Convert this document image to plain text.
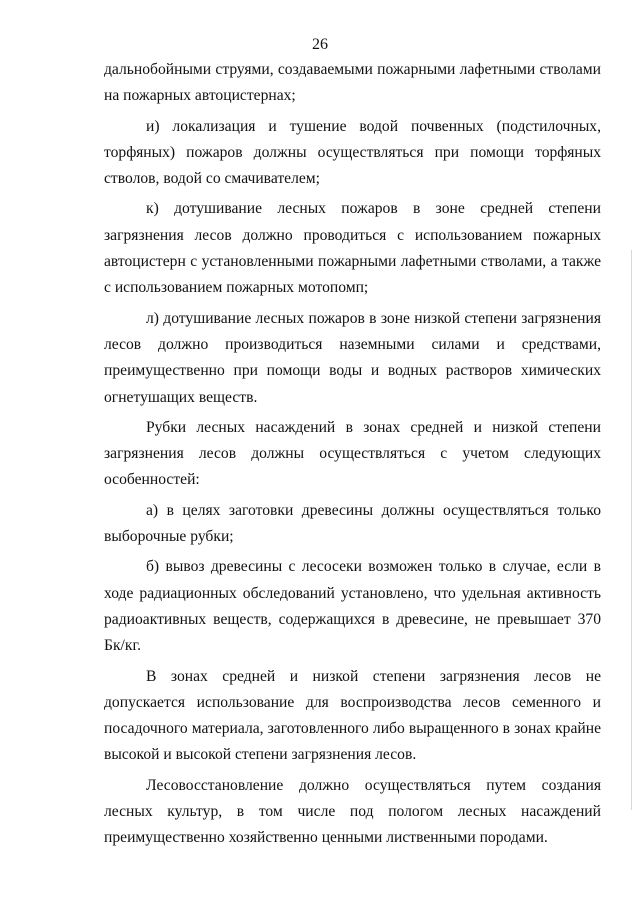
26

дальнобойными струями, создаваемыми пожарными лафетными стволами на пожарных автоцистернах;

и) локализация и тушение водой почвенных (подстилочных, торфяных) пожаров должны осуществляться при помощи торфяных стволов, водой со смачивателем;

к) дотушивание лесных пожаров в зоне средней степени загрязнения лесов должно проводиться с использованием пожарных автоцистерн с установленными пожарными лафетными стволами, а также с использованием пожарных мотопомп;

л) дотушивание лесных пожаров в зоне низкой степени загрязнения лесов должно производиться наземными силами и средствами, преимущественно при помощи воды и водных растворов химических огнетушащих веществ.

Рубки лесных насаждений в зонах средней и низкой степени загрязнения лесов должны осуществляться с учетом следующих особенностей:

а) в целях заготовки древесины должны осуществляться только выборочные рубки;

б) вывоз древесины с лесосеки возможен только в случае, если в ходе радиационных обследований установлено, что удельная активность радиоактивных веществ, содержащихся в древесине, не превышает 370 Бк/кг.

В зонах средней и низкой степени загрязнения лесов не допускается использование для воспроизводства лесов семенного и посадочного материала, заготовленного либо выращенного в зонах крайне высокой и высокой степени загрязнения лесов.

Лесовосстановление должно осуществляться путем создания лесных культур, в том числе под пологом лесных насаждений преимущественно хозяйственно ценными лиственными породами.
